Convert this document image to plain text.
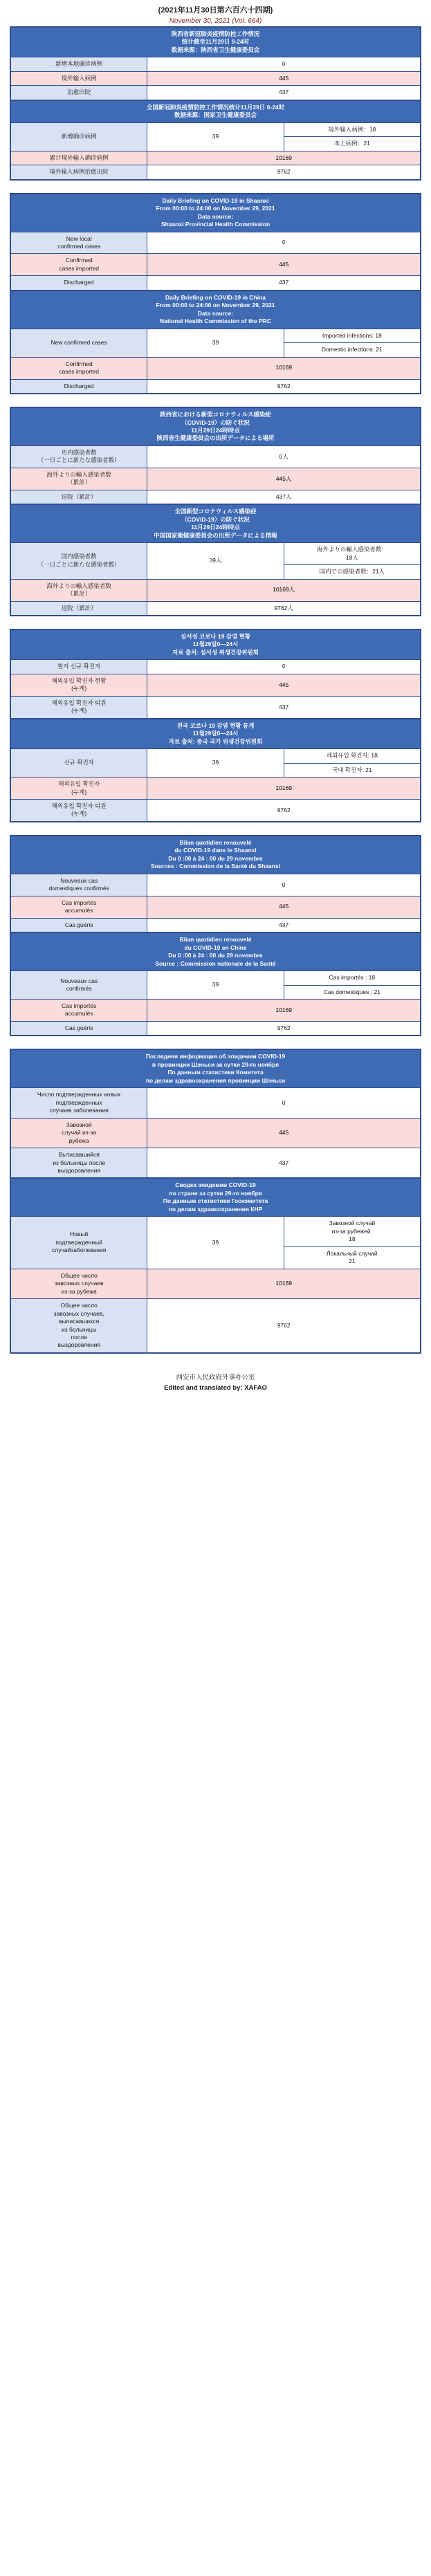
(2021年11月30日第六百六十四期)
November 30, 2021 (Vol. 664)
陕西省新冠肺炎疫情防控工作情况
统计截至11月29日 0-24时
数据来源：陕西省卫生健康委员会	
新增本地确诊病例	0
境外输入病例	445
治愈出院	437
全国新冠肺炎疫情防控工作情况统计11月29日 0-24时
数据来源：国家卫生健康委员会		
新增确诊病例	39	境外输入病例：18
		本土病例：21
累计境外输入确诊病例	10169	
境外输入病例治愈出院	9762	
Daily Briefing on COVID-19 in Shaanxi
From 00:00 to 24:00 on November 29, 2021
Data source:
Shaanxi Provincial Health Commission	
New local
confirmed cases	0
Confirmed
cases imported	445
Discharged	437
Daily Briefing on COVID-19 in China
From 00:00 to 24:00 on November 29, 2021
Data source:
National Health Commission of the PRC		
New confirmed cases	39	Imported infections: 18
		Domestic infections: 21
Confirmed
cases imported	10169	
Discharged	9762	
陝西省における新型コロナウィルス感染症
（COVID-19）の防ぐ状況
11月29日24時時点
陝西省生健康委員会の出所データによる場所	
市内感染者数
（一日ごとに新たな感染者数）	0人
海外よりの輸入感染者数
（累計）	445人
退院（累計）	437人
全国新型コロナウィルス感染症
（COVID-19）の防ぐ状況
11月29日24時時点
中国国家衛健康委員会の出所データによる情報		
国内感染者数
（一日ごとに新たな感染者数）	39人	海外よりの輸入感染者数：
18人
		国内での感染者数：21人
海外よりの輸入感染者数
（累計）	10169人	
退院（累計）	9762人	
섬서성 코로나 19 감염 현황
11월29일0—24시
자료 출처: 섬서성 위생건강위원회	
현지 신규 확진자	0
해외유입 확진자 현황
(누계)	445
해외유입 확진자 퇴원
(누계)	437
전국 코로나 19 감염 현황 통계
11월29일0—24시
자료 출처: 중국 국가 위생건강위원회		
신규 확진자	39	해외유입 확진자: 18
		국내 확진자: 21
해외유입 확진자
(누계)	10169	
해외유입 확진자 퇴원
(누계)	9762	
Bilan quotidien renouvelé
du COVID-19 dans le Shaanxi
Du 0 :00 à 24 : 00 du 29 novembre
Sources : Commission de la Santé du Shaanxi	
Nouveaux cas
domestiques confirmés	0
Cas importés
accumulés	445
Cas guéris	437
Bilan quotidien renouvelé
du COVID-19 en Chine
Du 0 :00 à 24 : 00 du 29 novembre
Source : Commission nationale de la Santé		
Nouveaux cas
confirmés	39	Cas importés : 18
		Cas domestiques : 21
Cas importés
accumulés	10169	
Cas guéris	9762	
Последняя информация об эпидемии COVID-19
в провинции Шэньси за сутки 29-го ноября
По данным статистики Комитета
по делам здравоохранения провинции Шэньси	
Число подтвержденных новых
подтвержденных
случаев заболевания	0
Завозной
случай из-за
рубежа	445
Вытисавшийся
из больницы после
выздоровления	437
Сводка эпидемии COVID-19
по стране за сутки 29-го ноября
По данным статистики Госкомитета
по делам здравоохранения КНР		
Новый
подтвержденный
случайзаболевания	39	Завозной случай
из-за рубежей:
18
		Локальный случай
21
Общее число
завозных случаев
из-за рубежа	10169	
Общее число
завозных случаев,
выписавшихся
из больницы
после
выздоровления	9762
西安市人民政府外事办公室
Edited and translated by: XAFAO
